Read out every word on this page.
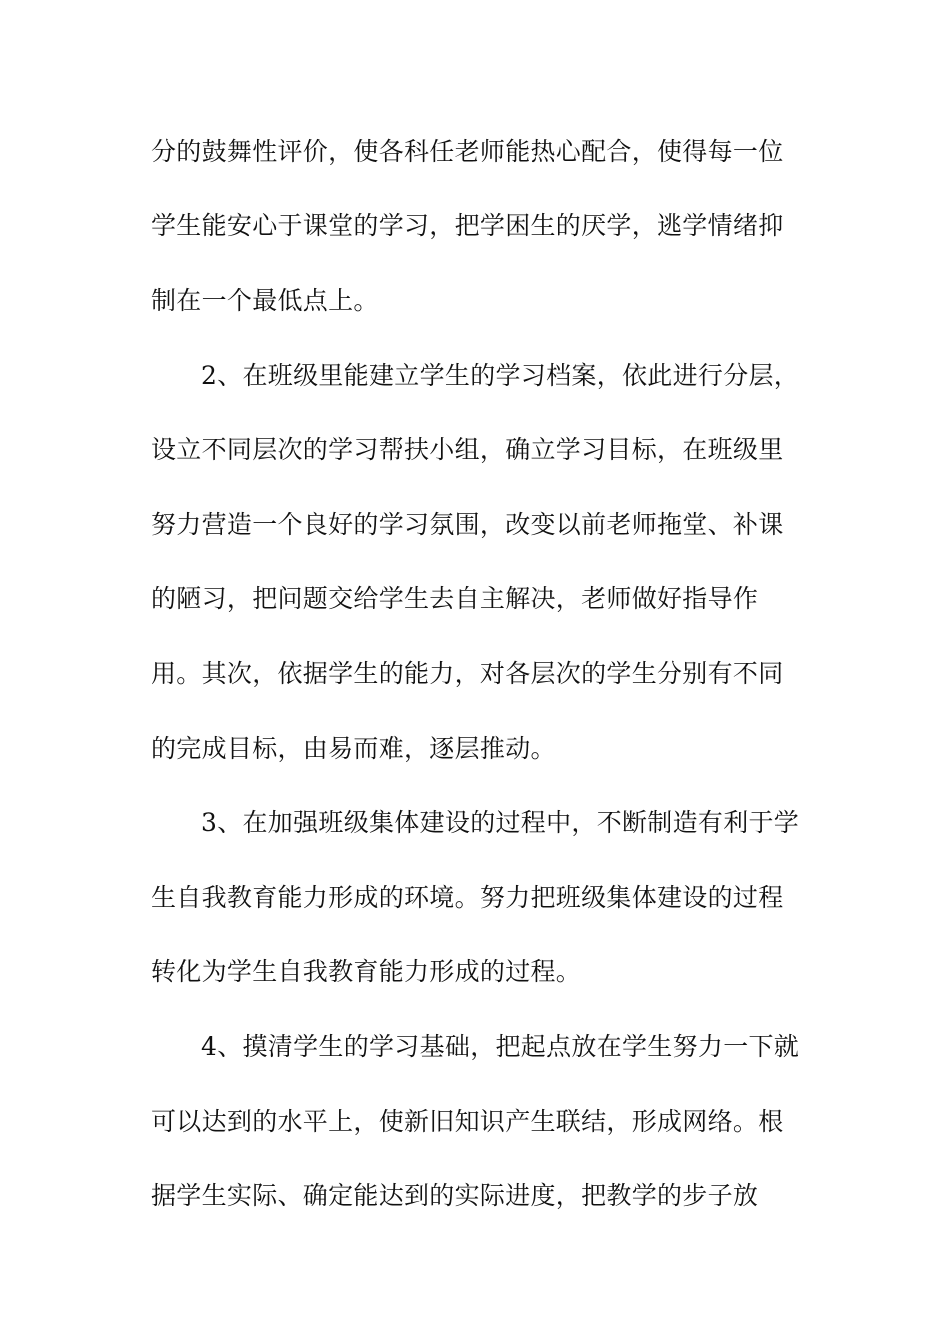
分的鼓舞性评价，使各科任老师能热心配合，使得每一位
学生能安心于课堂的学习，把学困生的厌学，逃学情绪抑
制在一个最低点上。
2、在班级里能建立学生的学习档案，依此进行分层，
设立不同层次的学习帮扶小组，确立学习目标，在班级里
努力营造一个良好的学习氛围，改变以前老师拖堂、补课
的陋习，把问题交给学生去自主解决，老师做好指导作
用。其次，依据学生的能力，对各层次的学生分别有不同
的完成目标，由易而难，逐层推动。
3、在加强班级集体建设的过程中，不断制造有利于学
生自我教育能力形成的环境。努力把班级集体建设的过程
转化为学生自我教育能力形成的过程。
4、摸清学生的学习基础，把起点放在学生努力一下就
可以达到的水平上，使新旧知识产生联结，形成网络。根
据学生实际、确定能达到的实际进度，把教学的步子放
